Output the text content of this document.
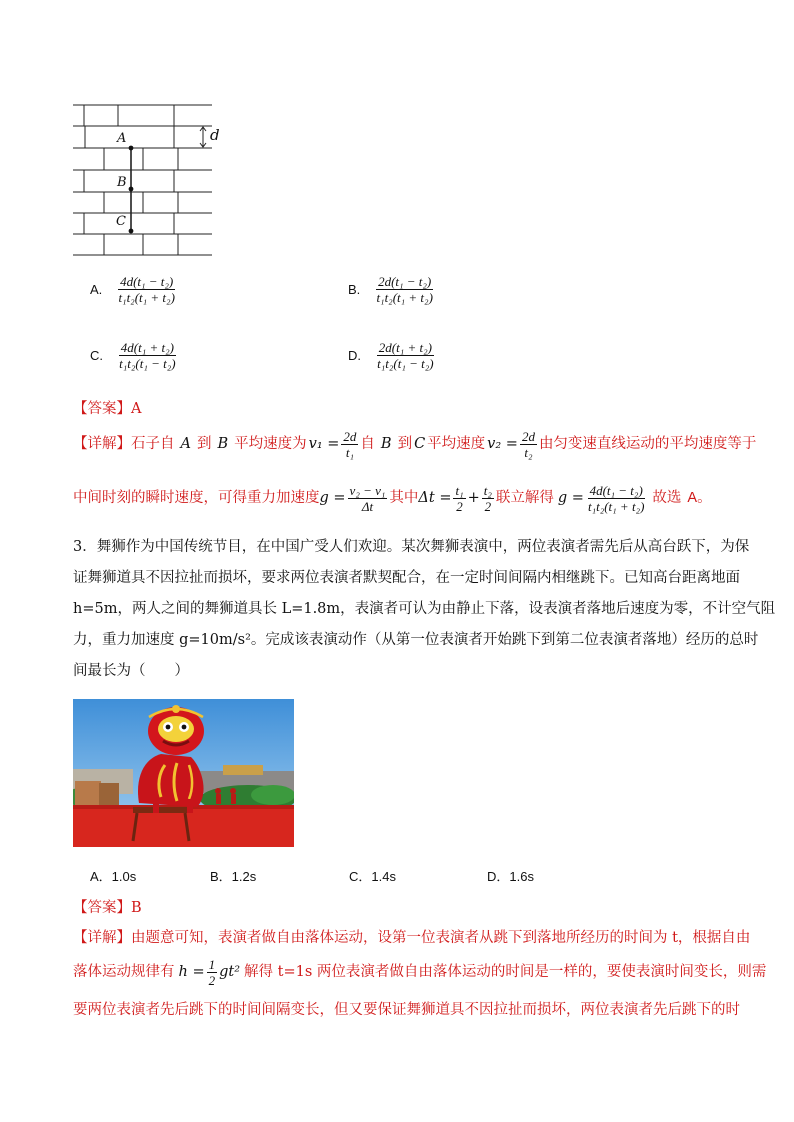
A
B
C
d
A. $\frac{\text{4d(t₁ − t₂)}}{\text{t₁t₂(t₁ + t₂)}}$	B. $\frac{\text{2d(t₁ − t₂)}}{\text{t₁t₂(t₁ + t₂)}}$
C. $\frac{\text{4d(t₁ + t₂)}}{\text{t₁t₂(t₁ − t₂)}}$	D. $\frac{\text{2d(t₁ + t₂)}}{\text{t₁t₂(t₁ − t₂)}}$
【答案】A
【详解】 石子自 A 到 B 平均速度为 $v_1 = \frac{2d}{\text{t₁}}$ 自 B 到 C 平均速度 $v_2 = \frac{2d}{\text{t₂}}$ 由匀变速直线运动的平均速度等于
中间时刻的瞬时速度，可得重力加速度 $g = \frac{\text{v₂ − v₁}}{\Delta t}$ 其中 $\Delta t = \frac{\text{t₁}}{2} + \frac{\text{t₂}}{2}$ 联立解得 $g = \frac{\text{4d(t₁ − t₂)}}{\text{t₁t₂(t₁ + t₂)}}$ 故选 A。
3．舞狮作为中国传统节目，在中国广受人们欢迎。某次舞狮表演中，两位表演者需先后从高台跃下，为保
证舞狮道具不因拉扯而损坏，要求两位表演者默契配合，在一定时间间隔内相继跳下。已知高台距离地面
h=5m，两人之间的舞狮道具长 L=1.8m，表演者可认为由静止下落，设表演者落地后速度为零，不计空气阻
力，重力加速度 g=10m/s²。完成该表演动作（从第一位表演者开始跳下到第二位表演者落地）经历的总时
间最长为（　　）
A．1.0s	B．1.2s	C．1.4s	D．1.6s
【答案】B
【详解】由题意可知，表演者做自由落体运动，设第一位表演者从跳下到落地所经历的时间为 t，根据自由
落体运动规律有 $h = \frac{1}{2} gt^2$ 解得 t=1s 两位表演者做自由落体运动的时间是一样的，要使表演时间变长，则需
要两位表演者先后跳下的时间间隔变长，但又要保证舞狮道具不因拉扯而损坏，两位表演者先后跳下的时
